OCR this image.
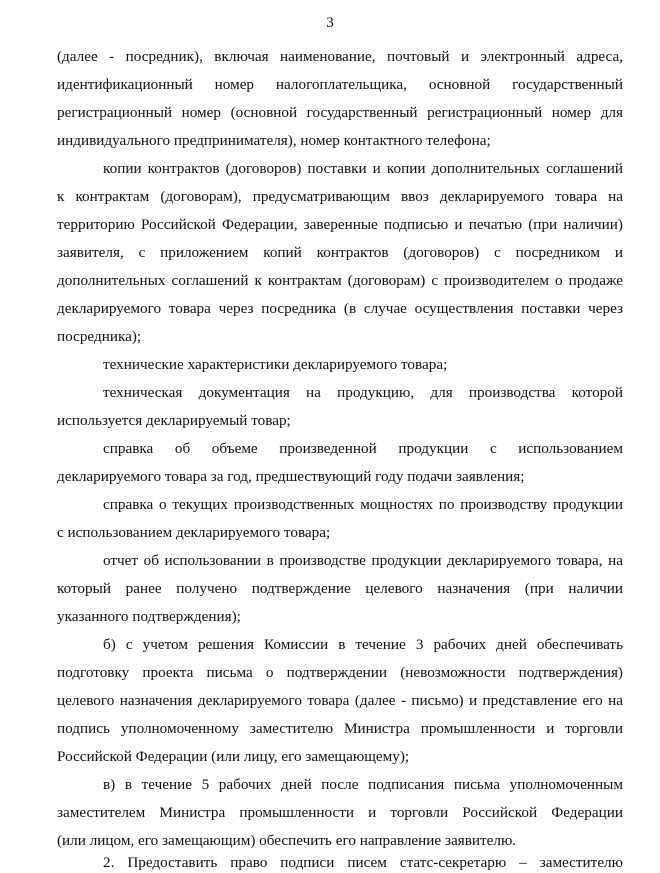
3
(далее - посредник), включая наименование, почтовый и электронный адреса,
идентификационный номер налогоплательщика, основной государственный
регистрационный номер (основной государственный регистрационный номер для
индивидуального предпринимателя), номер контактного телефона;
копии контрактов (договоров) поставки и копии дополнительных соглашений
к контрактам (договорам), предусматривающим ввоз декларируемого товара на
территорию Российской Федерации, заверенные подписью и печатью (при наличии)
заявителя, с приложением копий контрактов (договоров) с посредником и
дополнительных соглашений к контрактам (договорам) с производителем о продаже
декларируемого товара через посредника (в случае осуществления поставки через
посредника);
технические характеристики декларируемого товара;
техническая документация на продукцию, для производства которой
используется декларируемый товар;
справка об объеме произведенной продукции с использованием
декларируемого товара за год, предшествующий году подачи заявления;
справка о текущих производственных мощностях по производству продукции
с использованием декларируемого товара;
отчет об использовании в производстве продукции декларируемого товара, на
который ранее получено подтверждение целевого назначения (при наличии
указанного подтверждения);
б) с учетом решения Комиссии в течение 3 рабочих дней обеспечивать
подготовку проекта письма о подтверждении (невозможности подтверждения)
целевого назначения декларируемого товара (далее - письмо) и представление его на
подпись уполномоченному заместителю Министра промышленности и торговли
Российской Федерации (или лицу, его замещающему);
в) в течение 5 рабочих дней после подписания письма уполномоченным
заместителем Министра промышленности и торговли Российской Федерации
(или лицом, его замещающим) обеспечить его направление заявителю.
2. Предоставить право подписи писем статс-секретарю – заместителю
